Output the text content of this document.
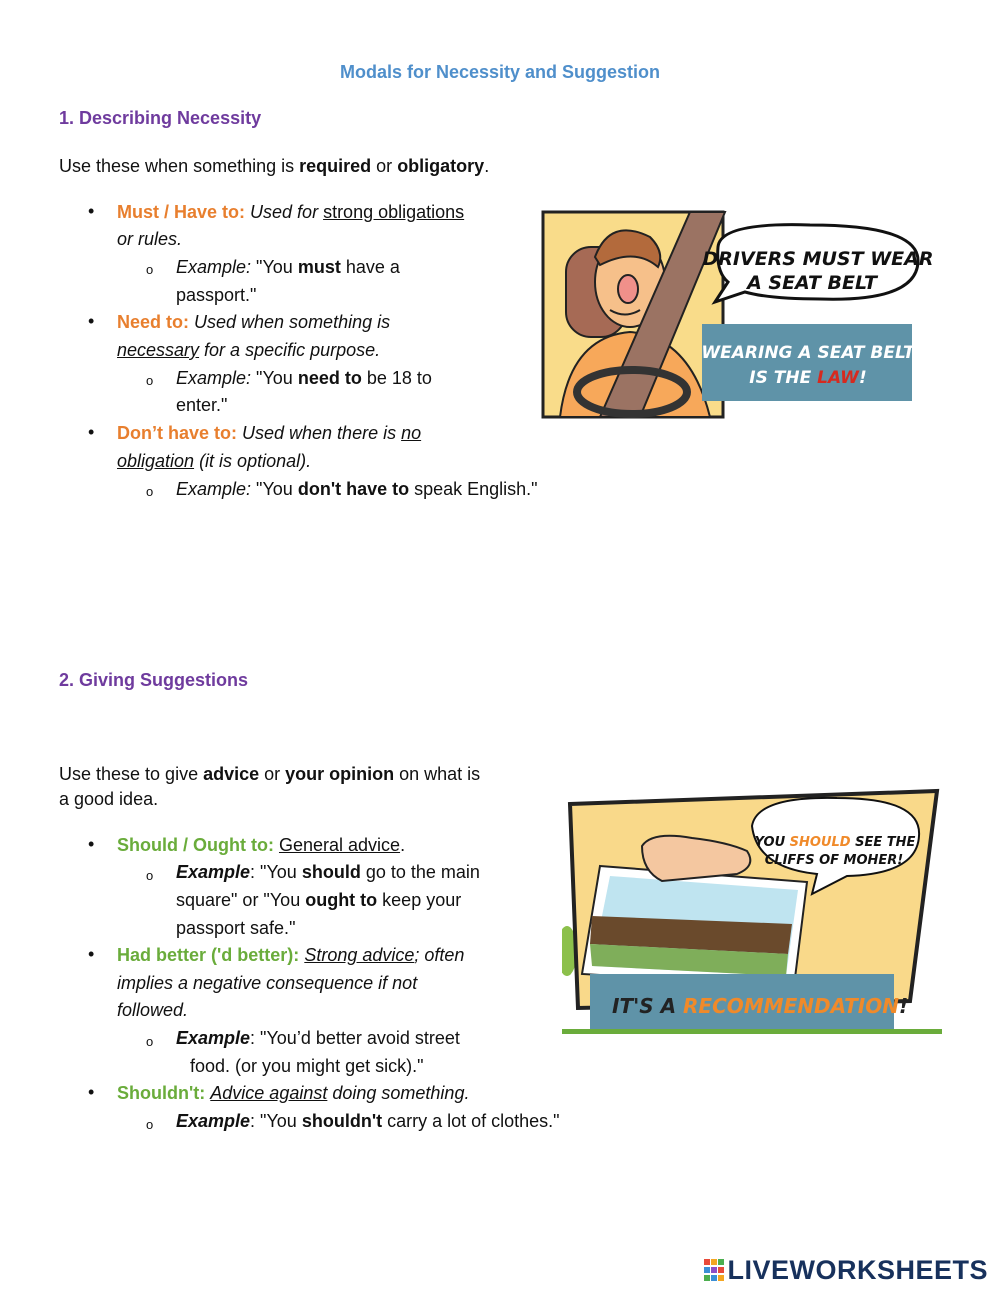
Modals for Necessity and Suggestion
1. Describing Necessity
Use these when something is required or obligatory.
• Must / Have to: Used for strong obligations
or rules.
o Example: "You must have a
passport."
• Need to: Used when something is
necessary for a specific purpose.
o Example: "You need to be 18 to
enter."
• Don’t have to: Used when there is no
obligation (it is optional).
o Example: "You don't have to speak English."
DRIVERS MUST WEAR
A SEAT BELT
WEARING A SEAT BELT
IS THE LAW!
2. Giving Suggestions
Use these to give advice or your opinion on what is
a good idea.
• Should / Ought to: General advice.
o Example: "You should go to the main
square" or "You ought to keep your
passport safe."
• Had better ('d better): Strong advice; often
implies a negative consequence if not
followed.
o Example: "You’d better avoid street
food. (or you might get sick)."
• Shouldn't: Advice against doing something.
o Example: "You shouldn't carry a lot of clothes."
YOU SHOULD SEE THE
CLIFFS OF MOHER!
IT'S A RECOMMENDATION!
LIVEWORKSHEETS
